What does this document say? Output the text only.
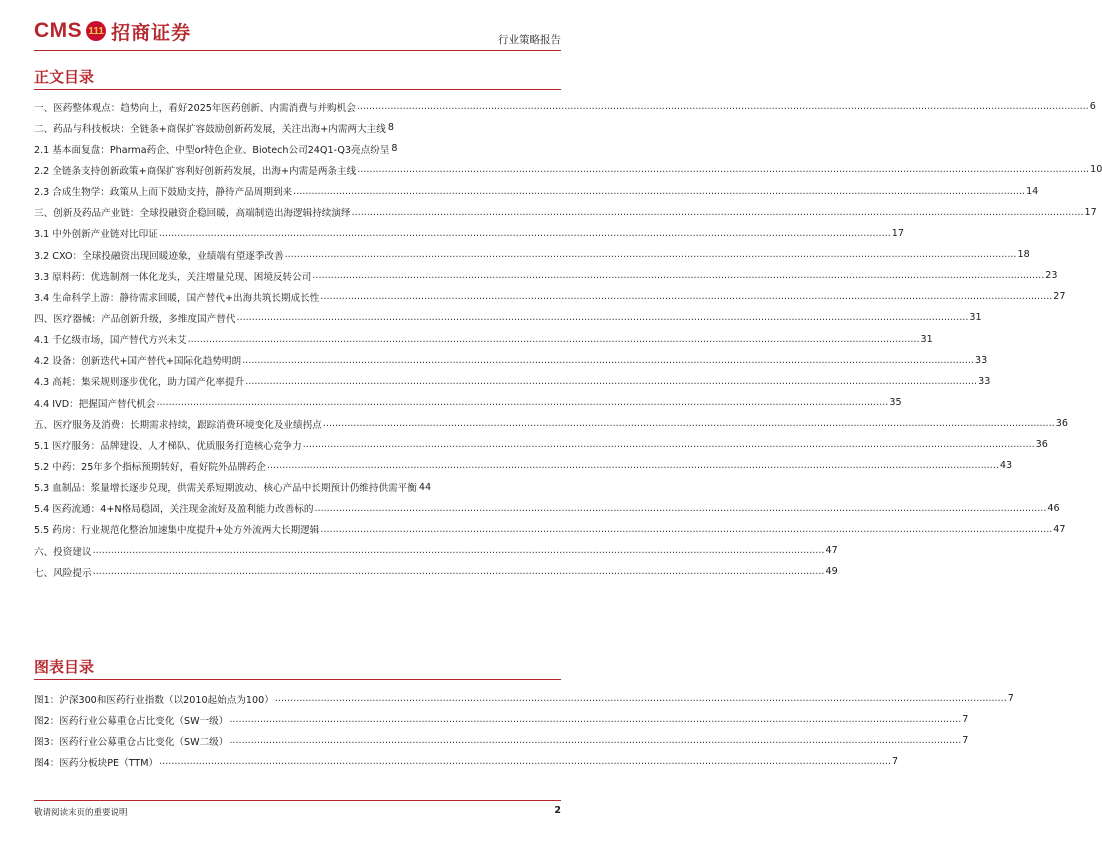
CMS 111 招商证券	行业策略报告
正文目录
一、医药整体观点：趋势向上，看好2025年医药创新、内需消费与并购机会 .....	6
二、药品与科技板块：全链条+商保扩容鼓励创新药发展，关注出海+内需两大主线 8
2.1 基本面复盘：Pharma药企、中型or特色企业、Biotech公司24Q1-Q3亮点纷呈 8
2.2 全链条支持创新政策+商保扩容利好创新药发展，出海+内需是两条主线 .....	10
2.3 合成生物学：政策从上而下鼓励支持，静待产品周期到来 .....	14
三、创新及药品产业链：全球投融资企稳回暖，高端制造出海逻辑持续演绎 .....	17
3.1 中外创新产业链对比印证 .....	17
3.2 CXO：全球投融资出现回暖迹象，业绩端有望逐季改善 .....	18
3.3 原料药：优选制剂一体化龙头，关注增量兑现、困境反转公司 .....	23
3.4 生命科学上游：静待需求回暖，国产替代+出海共筑长期成长性 .....	27
四、医疗器械：产品创新升级，多维度国产替代 .....	31
4.1 千亿级市场，国产替代方兴未艾 .....	31
4.2 设备：创新迭代+国产替代+国际化趋势明朗 .....	33
4.3 高耗：集采规则逐步优化，助力国产化率提升 .....	33
4.4 IVD：把握国产替代机会 .....	35
五、医疗服务及消费：长期需求持续，跟踪消费环境变化及业绩拐点 .....	36
5.1 医疗服务：品牌建设、人才梯队、优质服务打造核心竞争力 .....	36
5.2 中药：25年多个指标预期转好，看好院外品牌药企 .....	43
5.3 血制品：浆量增长逐步兑现，供需关系短期波动、核心产品中长期预计仍维持供需平衡 44
5.4 医药流通：4+N格局稳固，关注现金流好及盈利能力改善标的 .....	46
5.5 药房：行业规范化整治加速集中度提升+处方外流两大长期逻辑 .....	47
六、投资建议 .....	47
七、风险提示 .....	49
图表目录
图1：沪深300和医药行业指数（以2010起始点为100） .....	7
图2：医药行业公募重仓占比变化（SW一级） .....	7
图3：医药行业公募重仓占比变化（SW二级） .....	7
图4：医药分板块PE（TTM） .....	7
敬请阅读末页的重要说明	2
